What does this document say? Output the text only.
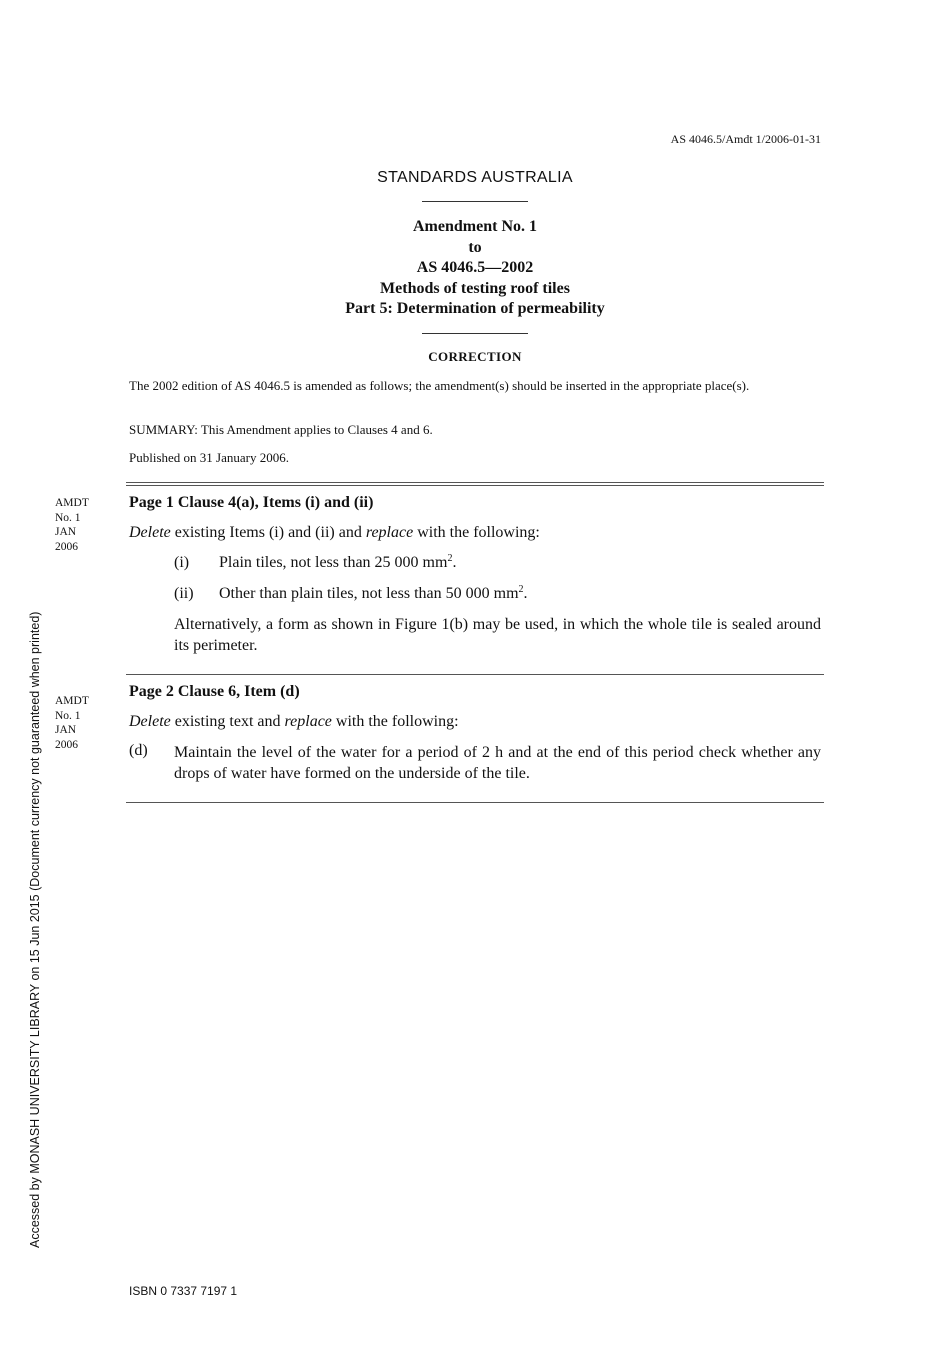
AS 4046.5/Amdt 1/2006-01-31
STANDARDS AUSTRALIA
Amendment No. 1
to
AS 4046.5—2002
Methods of testing roof tiles
Part 5: Determination of permeability
CORRECTION
The 2002 edition of AS 4046.5 is amended as follows; the amendment(s) should be inserted in the appropriate place(s).
SUMMARY: This Amendment applies to Clauses 4 and 6.
Published on 31 January 2006.
AMDT
No. 1
JAN
2006
Page 1 Clause 4(a), Items (i) and (ii)
Delete existing Items (i) and (ii) and replace with the following:
(i) Plain tiles, not less than 25 000 $mm^2$.
(ii) Other than plain tiles, not less than 50 000 $mm^2$.
Alternatively, a form as shown in Figure 1(b) may be used, in which the whole tile is sealed around its perimeter.
AMDT
No. 1
JAN
2006
Page 2 Clause 6, Item (d)
Delete existing text and replace with the following:
(d) Maintain the level of the water for a period of 2 h and at the end of this period check whether any drops of water have formed on the underside of the tile.
Accessed by MONASH UNIVERSITY LIBRARY on 15 Jun 2015 (Document currency not guaranteed when printed)
ISBN 0 7337 7197 1
